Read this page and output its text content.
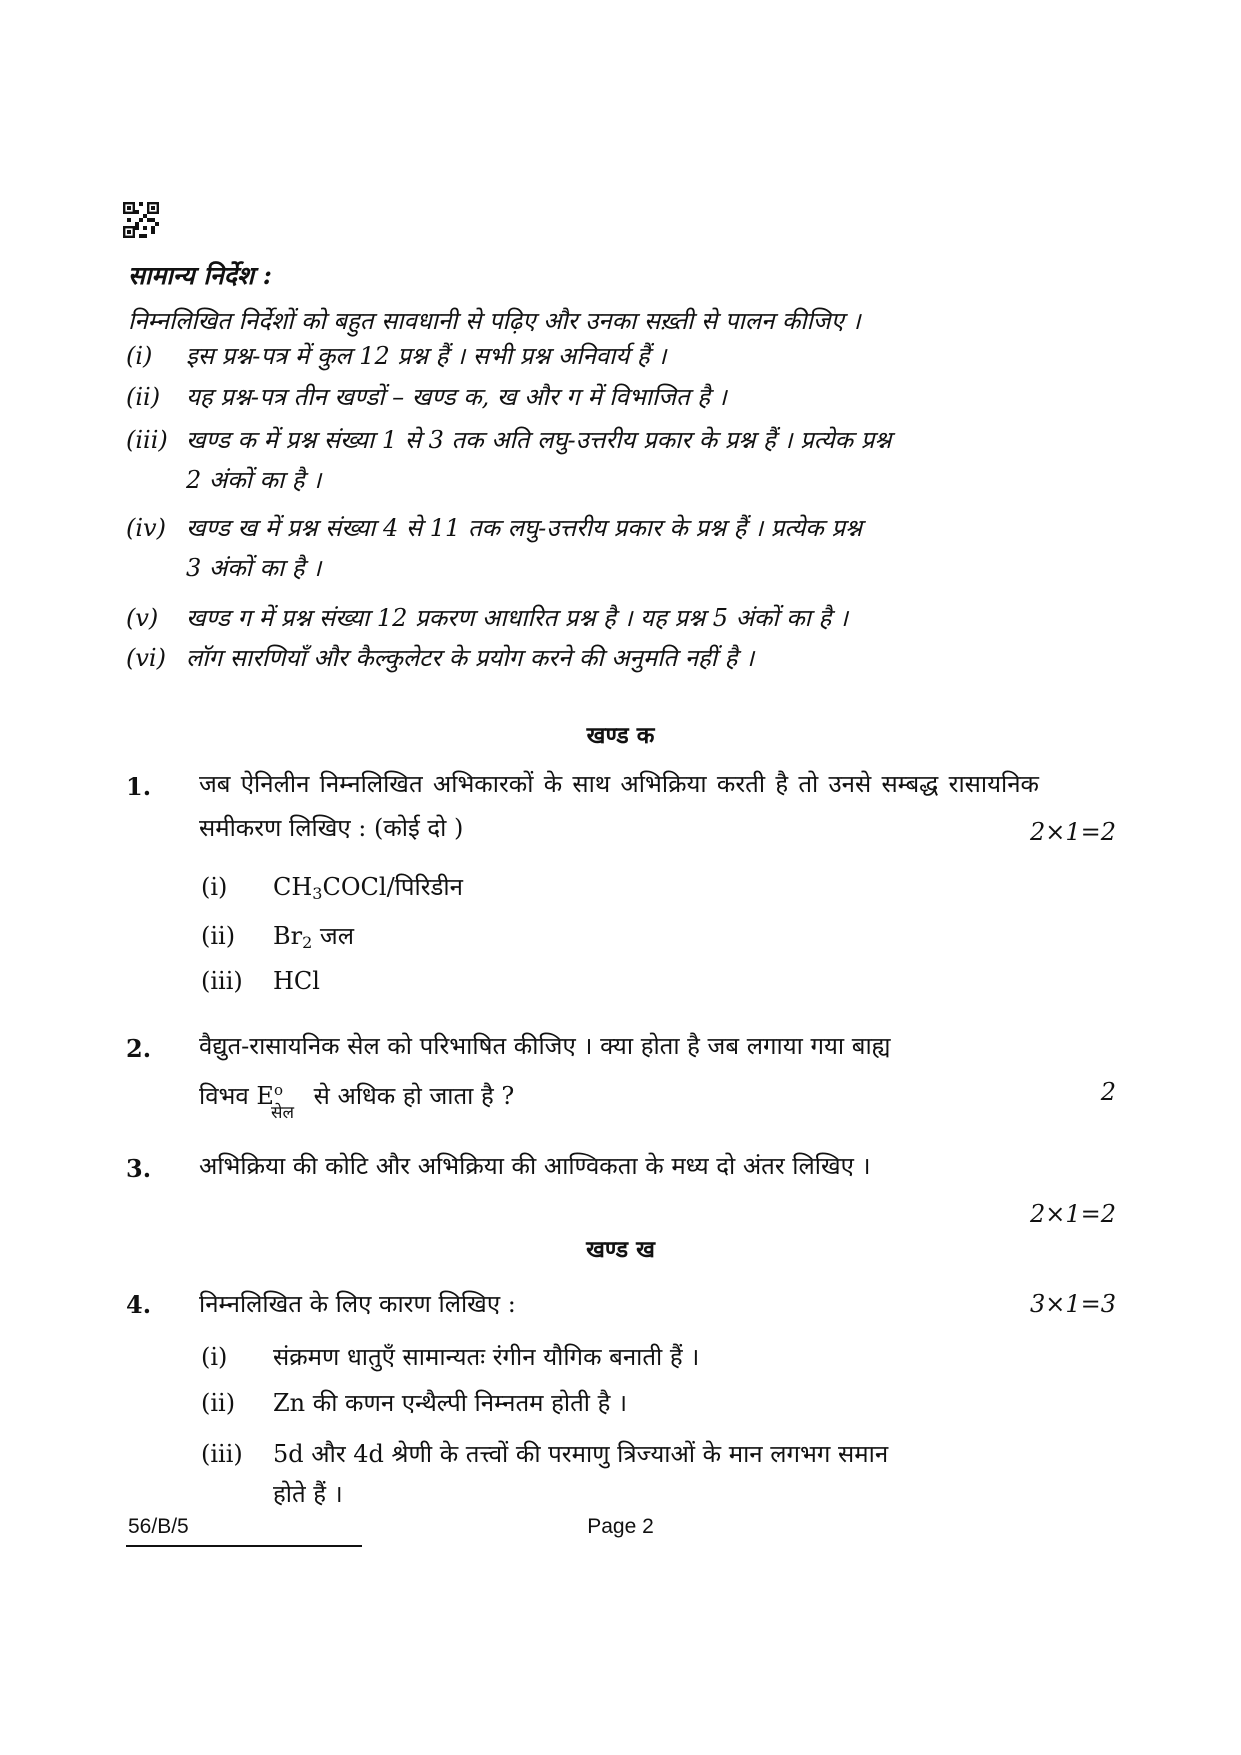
सामान्य निर्देश :
निम्नलिखित निर्देशों को बहुत सावधानी से पढ़िए और उनका सख़्ती से पालन कीजिए ।
(i) इस प्रश्न-पत्र में कुल 12 प्रश्न हैं । सभी प्रश्न अनिवार्य हैं ।
(ii) यह प्रश्न-पत्र तीन खण्डों – खण्ड क, ख और ग में विभाजित है ।
(iii) खण्ड क में प्रश्न संख्या 1 से 3 तक अति लघु-उत्तरीय प्रकार के प्रश्न हैं । प्रत्येक प्रश्न
2 अंकों का है ।
(iv) खण्ड ख में प्रश्न संख्या 4 से 11 तक लघु-उत्तरीय प्रकार के प्रश्न हैं । प्रत्येक प्रश्न
3 अंकों का है ।
(v) खण्ड ग में प्रश्न संख्या 12 प्रकरण आधारित प्रश्न है । यह प्रश्न 5 अंकों का है ।
(vi) लॉग सारणियाँ और कैल्कुलेटर के प्रयोग करने की अनुमति नहीं है ।
खण्ड क
1. जब ऐनिलीन निम्नलिखित अभिकारकों के साथ अभिक्रिया करती है तो उनसे सम्बद्ध रासायनिक समीकरण लिखिए : (कोई दो )	2×1=2
(i) $CH_3COCl/पिरिडीन$
(ii) $Br_2$ जल
(iii) HCl
2. वैद्युत-रासायनिक सेल को परिभाषित कीजिए । क्या होता है जब लगाया गया बाह्य
विभव $E^o_{सेल}$ से अधिक हो जाता है ?	2
3. अभिक्रिया की कोटि और अभिक्रिया की आण्विकता के मध्य दो अंतर लिखिए ।
2×1=2
खण्ड ख
4. निम्नलिखित के लिए कारण लिखिए :	3×1=3
(i) संक्रमण धातुएँ सामान्यतः रंगीन यौगिक बनाती हैं ।
(ii) Zn की कणन एन्थैल्पी निम्नतम होती है ।
(iii) 5d और 4d श्रेणी के तत्त्वों की परमाणु त्रिज्याओं के मान लगभग समान
होते हैं ।
56/B/5	Page 2
